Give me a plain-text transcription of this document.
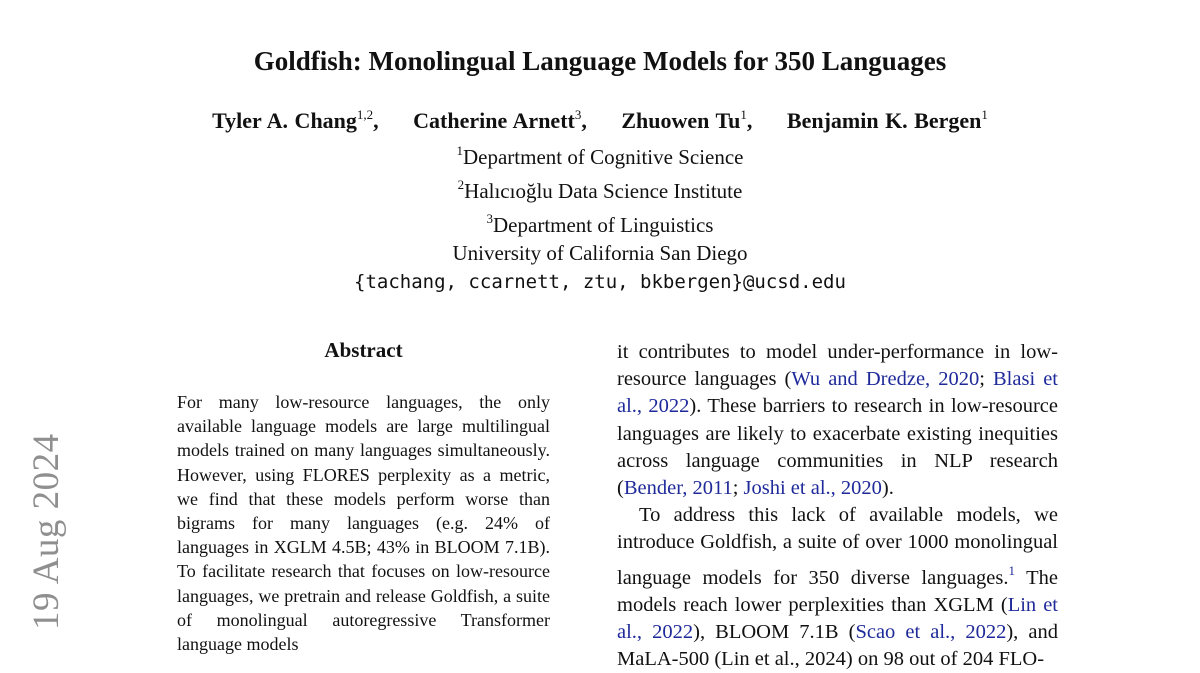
19 Aug 2024
Goldfish: Monolingual Language Models for 350 Languages
Tyler A. Chang$^{1,2}$, Catherine Arnett$^3$, Zhuowen Tu$^1$, Benjamin K. Bergen$^1$
$^1$Department of Cognitive Science
$^2$Halıcıoğlu Data Science Institute
$^3$Department of Linguistics
University of California San Diego
{tachang, ccarnett, ztu, bkbergen}@ucsd.edu
Abstract
For many low-resource languages, the only available language models are large multilingual models trained on many languages simultaneously. However, using FLORES perplexity as a metric, we find that these models perform worse than bigrams for many languages (e.g. 24% of languages in XGLM 4.5B; 43% in BLOOM 7.1B). To facilitate research that focuses on low-resource languages, we pretrain and release Goldfish, a suite of monolingual autoregressive Transformer language models

it contributes to model under-performance in low-resource languages (Wu and Dredze, 2020; Blasi et al., 2022). These barriers to research in low-resource languages are likely to exacerbate existing inequities across language communities in NLP research (Bender, 2011; Joshi et al., 2020).

To address this lack of available models, we introduce Goldfish, a suite of over 1000 monolingual language models for 350 diverse languages.$^1$ The models reach lower perplexities than XGLM (Lin et al., 2022), BLOOM 7.1B (Scao et al., 2022), and MaLA-500 (Lin et al., 2024) on 98 out of 204 FLO-
